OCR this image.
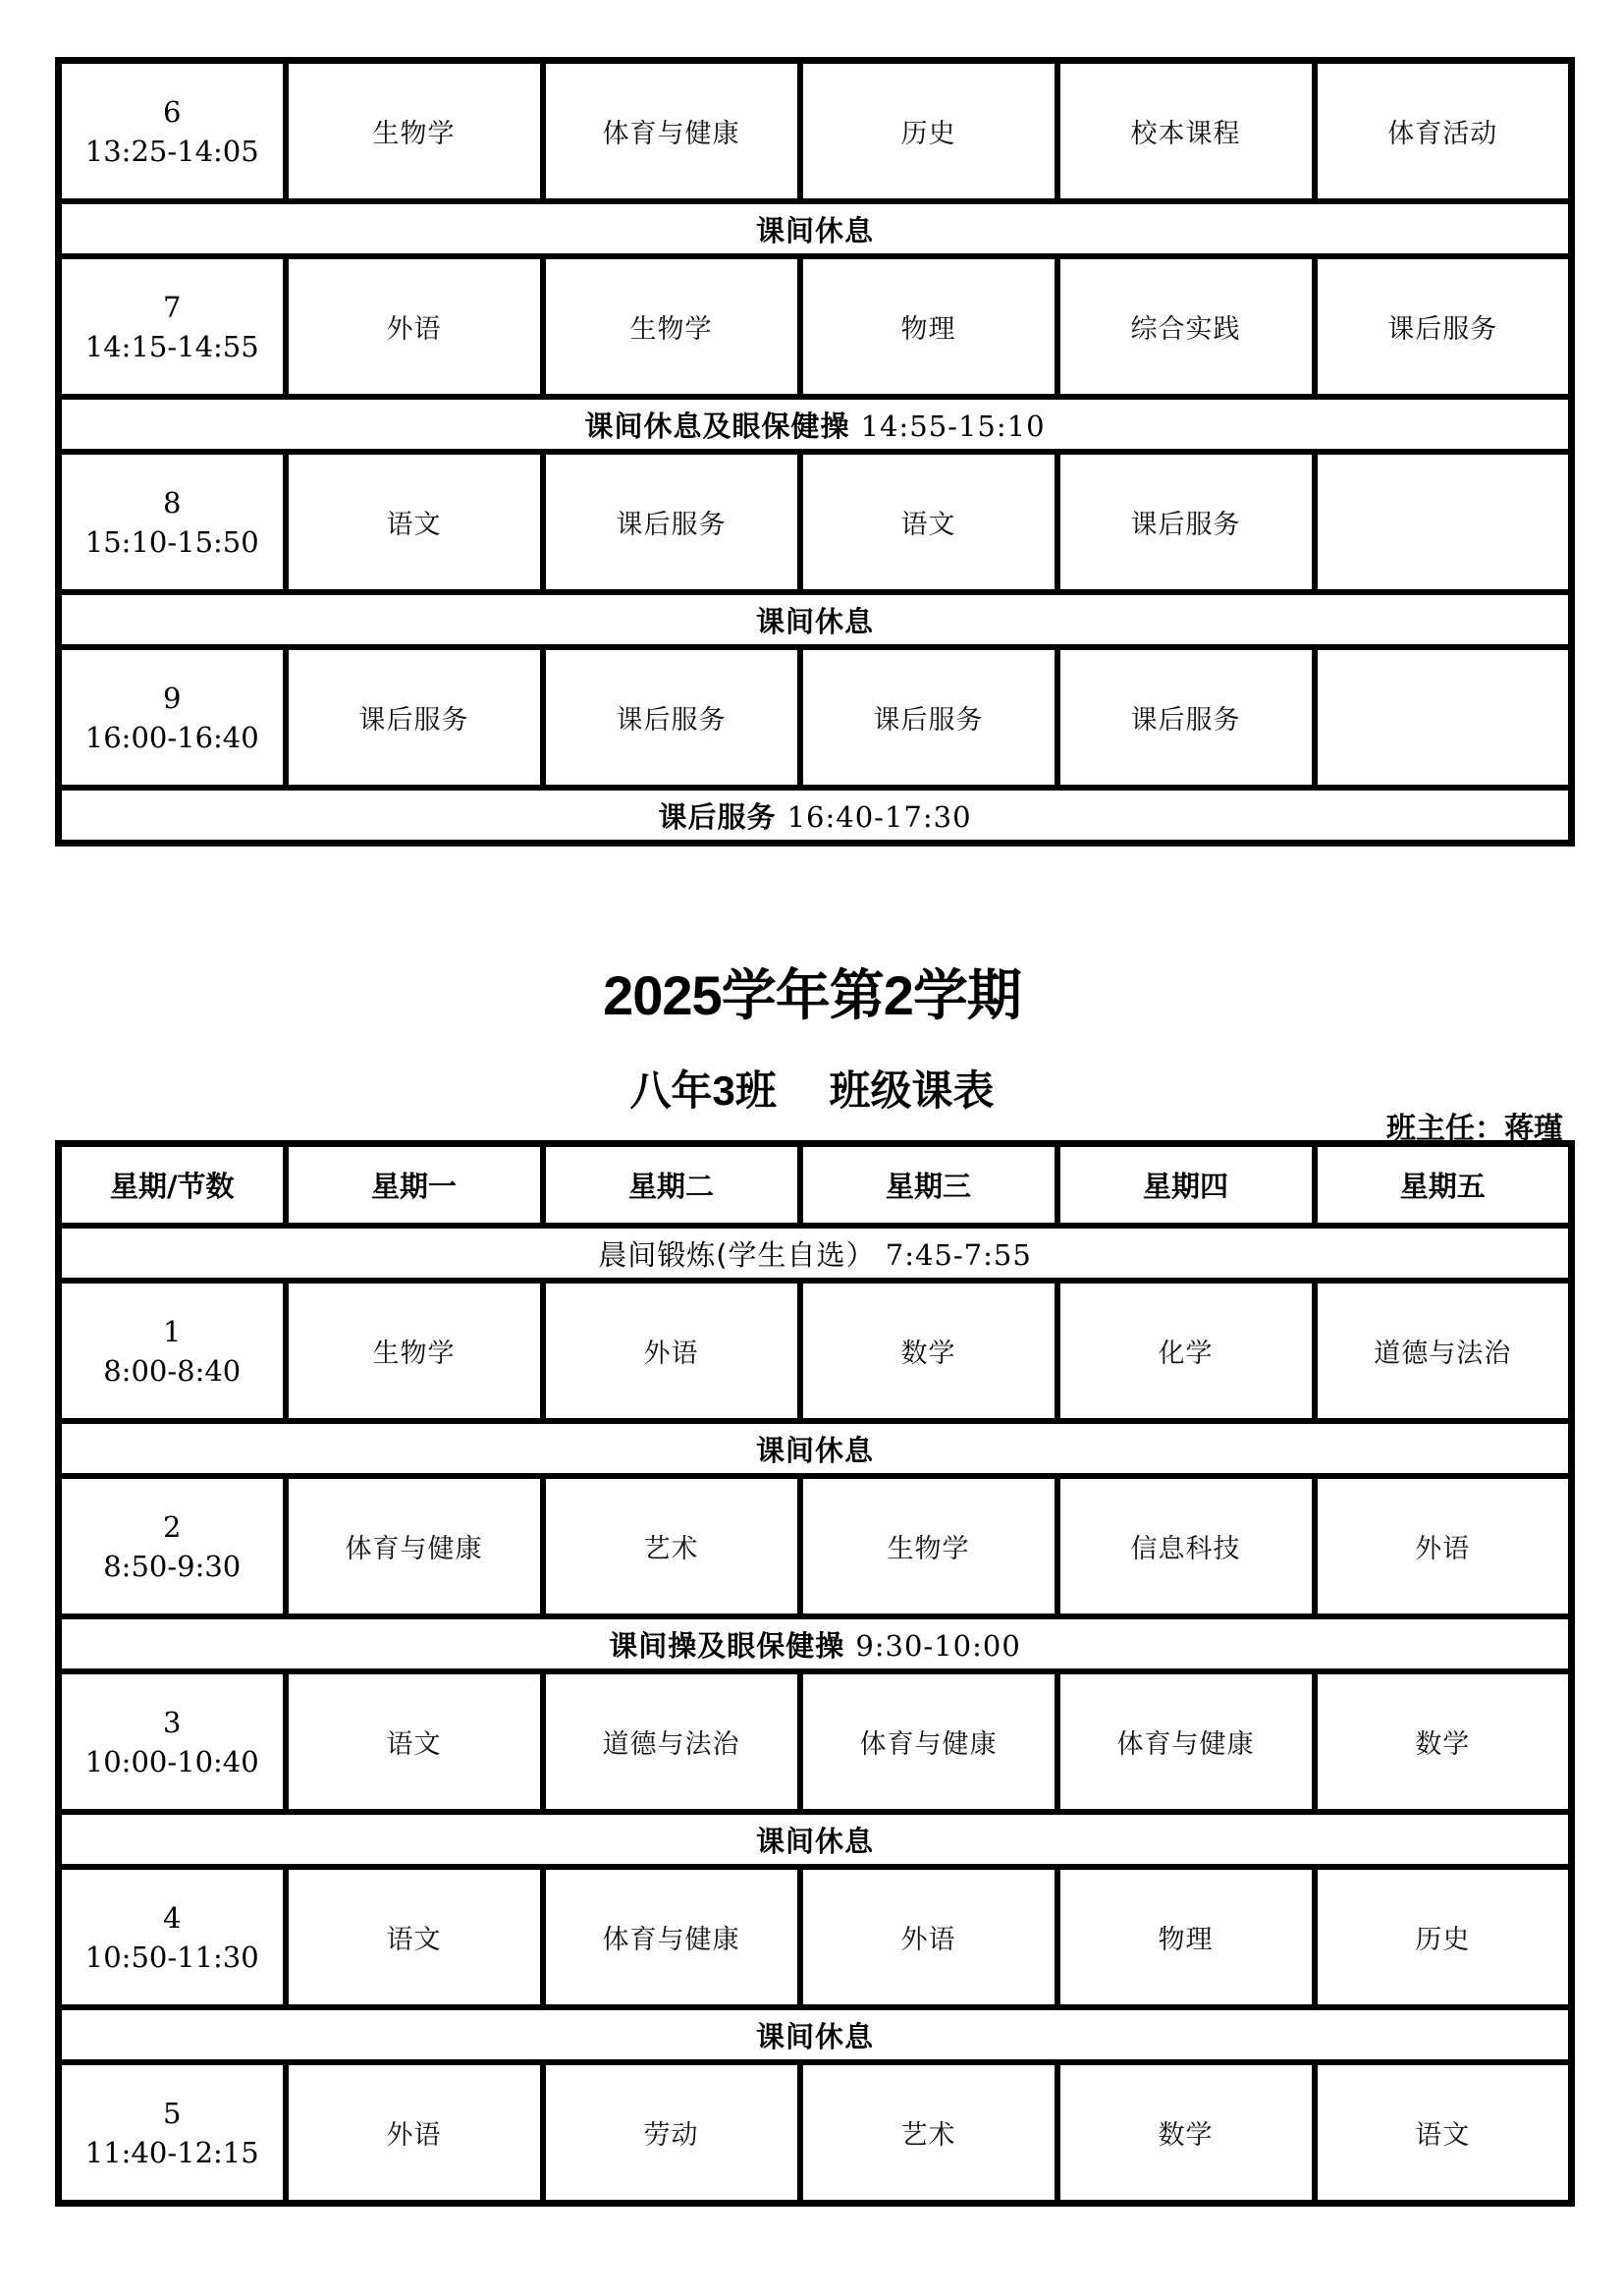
6
13:25-14:05	生物学	体育与健康	历史	校本课程	体育活动
课间休息					

7
14:15-14:55	外语	生物学	物理	综合实践	课后服务
课间休息及眼保健操 14:55-15:10					

8
15:10-15:50	语文	课后服务	语文	课后服务	
课间休息					

9
16:00-16:40	课后服务	课后服务	课后服务	课后服务	
课后服务 16:40-17:30					
2025学年第2学期
八年3班　 班级课表
班主任：蒋瑾
星期/节数	星期一	星期二	星期三	星期四	星期五
晨间锻炼(学生自选） 7:45-7:55					

1
8:00-8:40	生物学	外语	数学	化学	道德与法治
课间休息					

2
8:50-9:30	体育与健康	艺术	生物学	信息科技	外语
课间操及眼保健操 9:30-10:00					

3
10:00-10:40	语文	道德与法治	体育与健康	体育与健康	数学
课间休息					

4
10:50-11:30	语文	体育与健康	外语	物理	历史
课间休息					

5
11:40-12:15	外语	劳动	艺术	数学	语文
